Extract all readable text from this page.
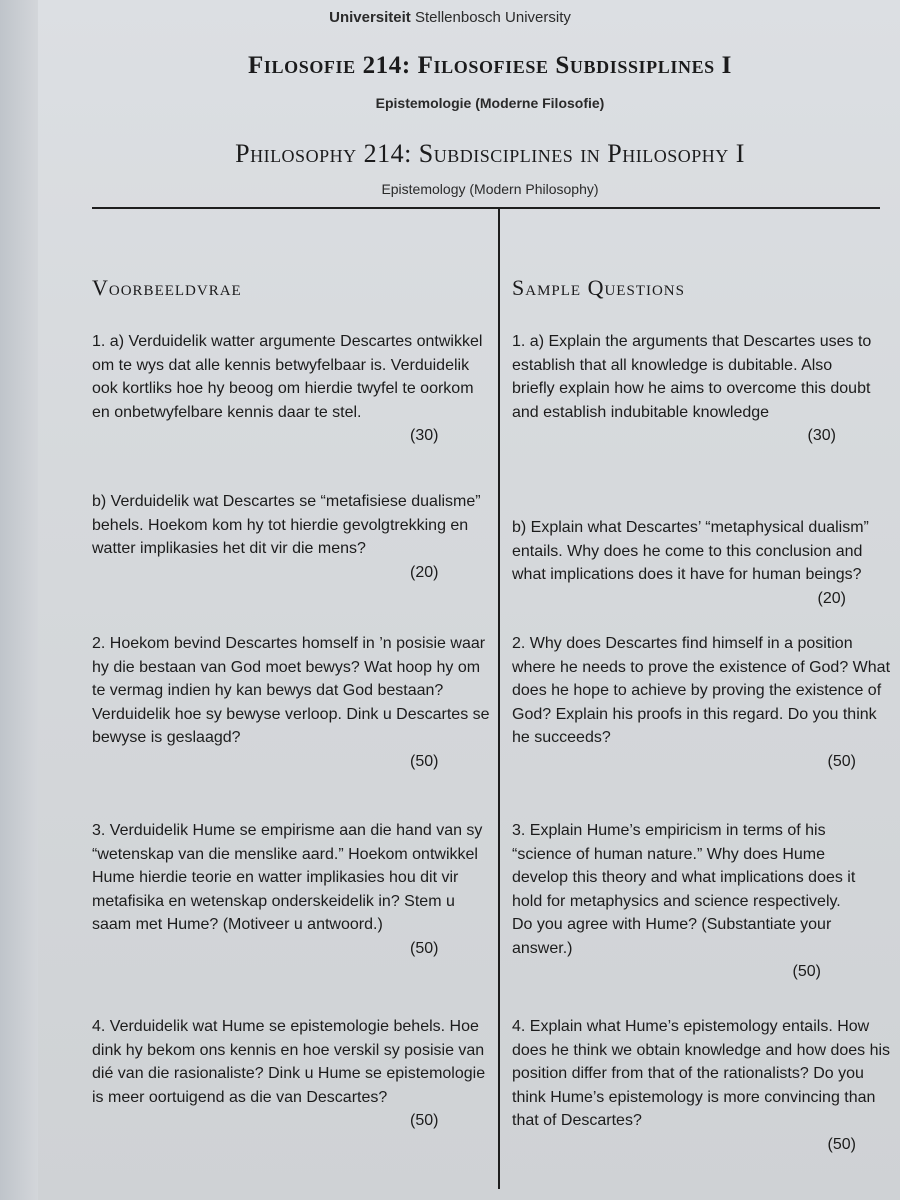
Universiteit Stellenbosch University
Filosofie 214: Filosofiese Subdissiplines I
Epistemologie (Moderne Filosofie)
Philosophy 214: Subdisciplines in Philosophy I
Epistemology (Modern Philosophy)
Voorbeeldvrae
1. a) Verduidelik watter argumente Descartes ontwikkel om te wys dat alle kennis betwyfelbaar is. Verduidelik ook kortliks hoe hy beoog om hierdie twyfel te oorkom en onbetwyfelbare kennis daar te stel.
(30)
b) Verduidelik wat Descartes se “metafisiese dualisme” behels. Hoekom kom hy tot hierdie gevolgtrekking en watter implikasies het dit vir die mens?
(20)
2. Hoekom bevind Descartes homself in ’n posisie waar hy die bestaan van God moet bewys? Wat hoop hy om te vermag indien hy kan bewys dat God bestaan? Verduidelik hoe sy bewyse verloop. Dink u Descartes se bewyse is geslaagd?
(50)
3. Verduidelik Hume se empirisme aan die hand van sy “wetenskap van die menslike aard.” Hoekom ontwikkel Hume hierdie teorie en watter implikasies hou dit vir metafisika en wetenskap onderskeidelik in? Stem u saam met Hume? (Motiveer u antwoord.)
(50)
4. Verduidelik wat Hume se epistemologie behels. Hoe dink hy bekom ons kennis en hoe verskil sy posisie van dié van die rasionaliste? Dink u Hume se epistemologie is meer oortuigend as die van Descartes?
(50)
Sample Questions
1. a) Explain the arguments that Descartes uses to establish that all knowledge is dubitable. Also briefly explain how he aims to overcome this doubt and establish indubitable knowledge
(30)
b) Explain what Descartes’ “metaphysical dualism” entails. Why does he come to this conclusion and what implications does it have for human beings?
(20)
2. Why does Descartes find himself in a position where he needs to prove the existence of God? What does he hope to achieve by proving the existence of God? Explain his proofs in this regard. Do you think he succeeds?
(50)
3. Explain Hume’s empiricism in terms of his “science of human nature.” Why does Hume develop this theory and what implications does it hold for metaphysics and science respectively. Do you agree with Hume? (Substantiate your answer.)
(50)
4. Explain what Hume’s epistemology entails. How does he think we obtain knowledge and how does his position differ from that of the rationalists? Do you think Hume’s epistemology is more convincing than that of Descartes?
(50)
